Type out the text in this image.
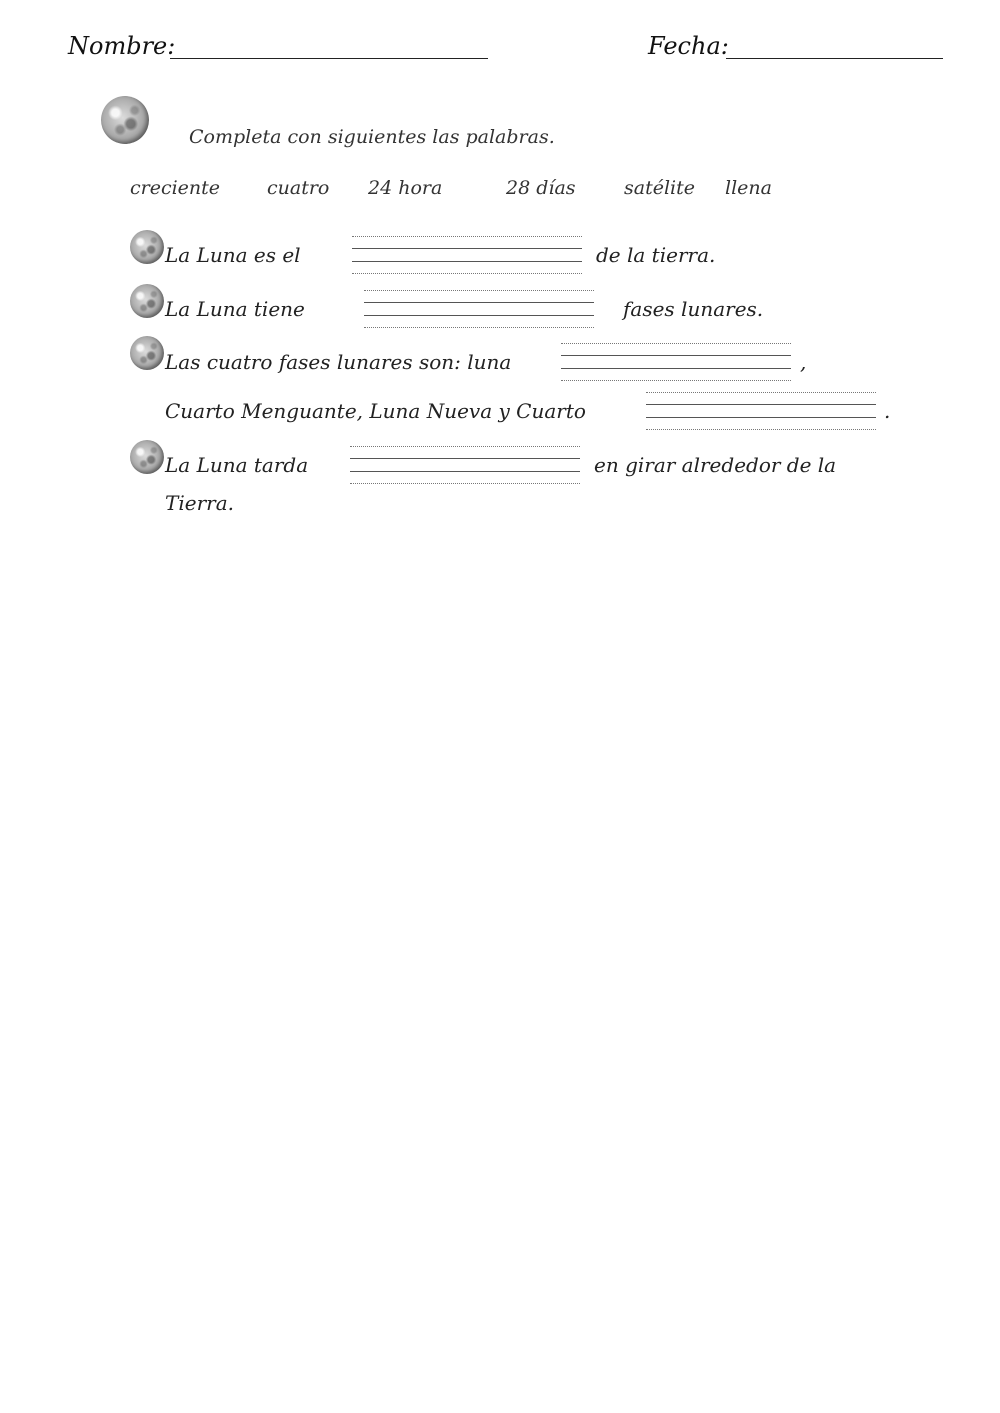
Nombre:	Fecha:
Completa con siguientes las palabras.
creciente cuatro 24 hora	28 días	satélite llena
La Luna es el	de la tierra.
La Luna tiene	fases lunares.
Las cuatro fases lunares son: luna	,
Cuarto Menguante, Luna Nueva y Cuarto	.
La Luna tarda	en girar alrededor de la
Tierra.
